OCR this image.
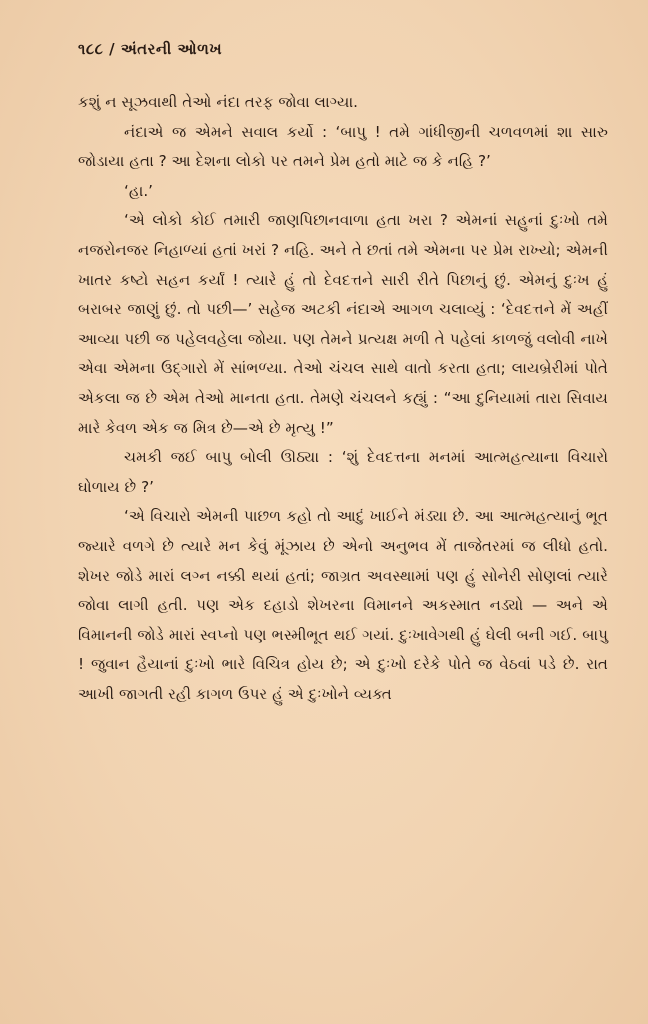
૧૮૮ / અંતરની ઓળખ

કશું ન સૂઝવાથી તેઓ નંદા તરફ જોવા લાગ્યા.

નંદાએ જ એમને સવાલ કર્યો : ‘બાપુ ! તમે ગાંધીજીની ચળવળમાં શા સારુ જોડાયા હતા ? આ દેશના લોકો પર તમને પ્રેમ હતો માટે જ કે નહિ ?’

‘હા.’

‘એ લોકો કોઈ તમારી જાણપિછાનવાળા હતા ખરા ? એમનાં સહુનાં દુઃખો તમે નજરોનજર નિહાળ્યાં હતાં ખરાં ? નહિ. અને તે છતાં તમે એમના પર પ્રેમ રાખ્યો; એમની ખાતર કષ્ટો સહન કર્યાં ! ત્યારે હું તો દેવદત્તને સારી રીતે પિછાનું છું. એમનું દુઃખ હું બરાબર જાણું છું. તો પછી—’ સહેજ અટકી નંદાએ આગળ ચલાવ્યું : ‘દેવદત્તને મેં અહીં આવ્યા પછી જ પહેલવહેલા જોયા. પણ તેમને પ્રત્યક્ષ મળી તે પહેલાં કાળજું વલોવી નાખે એવા એમના ઉદ્ગારો મેં સાંભળ્યા. તેઓ ચંચલ સાથે વાતો કરતા હતા; લાયબ્રેરીમાં પોતે એકલા જ છે એમ તેઓ માનતા હતા. તેમણે ચંચલને કહ્યું : “આ દુનિયામાં તારા સિવાય મારે કેવળ એક જ મિત્ર છે—એ છે મૃત્યુ !”

ચમકી જઈ બાપુ બોલી ઊઠ્યા : ‘શું દેવદત્તના મનમાં આત્મહત્યાના વિચારો ઘોળાય છે ?’

‘એ વિચારો એમની પાછળ કહો તો આદું ખાઈને મંડ્યા છે. આ આત્મહત્યાનું ભૂત જ્યારે વળગે છે ત્યારે મન કેવું મૂંઝાય છે એનો અનુભવ મેં તાજેતરમાં જ લીધો હતો. શેખર જોડે મારાં લગ્ન નક્કી થયાં હતાં; જાગ્રત અવસ્થામાં પણ હું સોનેરી સોણલાં ત્યારે જોવા લાગી હતી. પણ એક દહાડો શેખરના વિમાનને અકસ્માત નડ્યો — અને એ વિમાનની જોડે મારાં સ્વપ્નો પણ ભસ્મીભૂત થઈ ગયાં. દુઃખાવેગથી હું ઘેલી બની ગઈ. બાપુ ! જુવાન હૈયાનાં દુઃખો ભારે વિચિત્ર હોય છે; એ દુઃખો દરેકે પોતે જ વેઠવાં પડે છે. રાત આખી જાગતી રહી કાગળ ઉપર હું એ દુઃખોને વ્યક્ત
